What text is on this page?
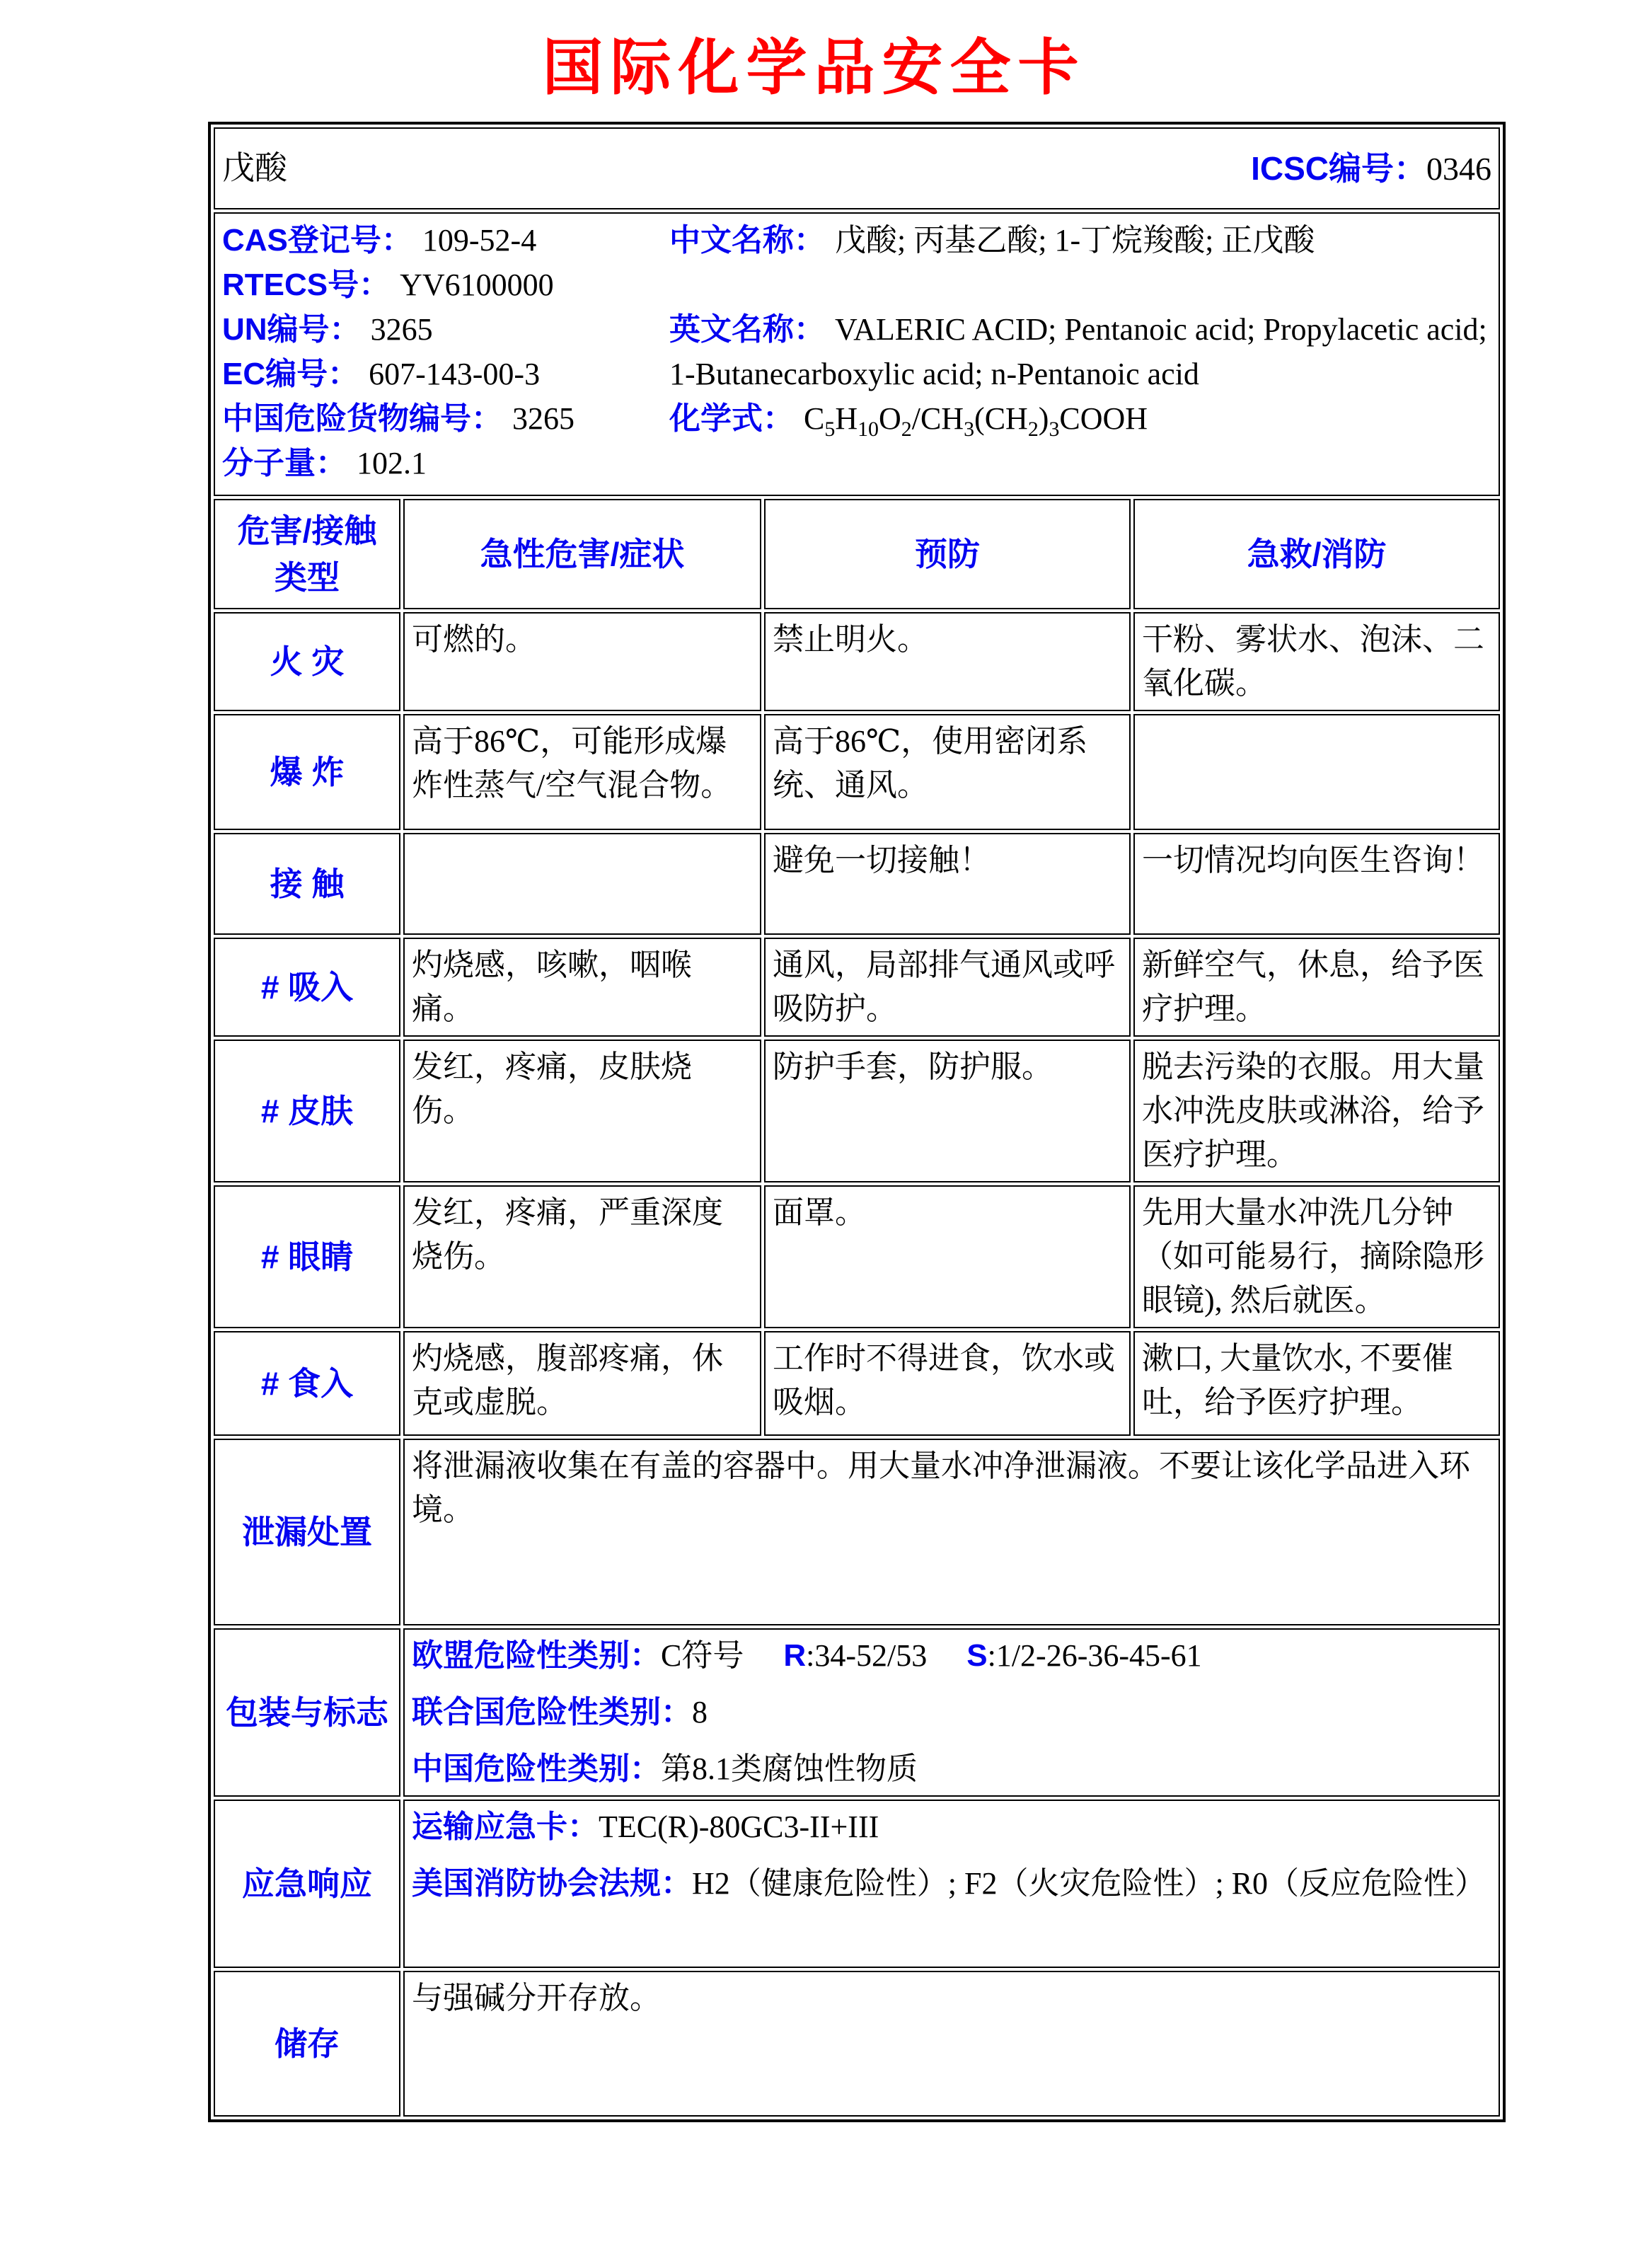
国际化学品安全卡
戊酸 ICSC编号：0346			

CAS登记号： 109-52-4
RTECS号： YV6100000
UN编号： 3265
EC编号： 607-143-00-3
中国危险货物编号： 3265
分子量： 102.1

中文名称： 戊酸; 丙基乙酸; 1-丁烷羧酸; 正戊酸

英文名称： VALERIC ACID; Pentanoic acid; Propylacetic acid; 1-Butanecarboxylic acid; n-Pentanoic acid

化学式： $C_5H_{10}O_2/CH_3(CH_2)_3COOH$

危害/接触
类型	急性危害/症状	预防	急救/消防
火 灾	可燃的。	禁止明火。	干粉、雾状水、泡沫、二氧化碳。
爆 炸	高于86℃，可能形成爆炸性蒸气/空气混合物。	高于86℃，使用密闭系统、通风。	
接 触		避免一切接触！	一切情况均向医生咨询！
# 吸入	灼烧感，咳嗽，咽喉痛。	通风，局部排气通风或呼吸防护。	新鲜空气，休息，给予医疗护理。
# 皮肤	发红，疼痛，皮肤烧伤。	防护手套，防护服。	脱去污染的衣服。用大量水冲洗皮肤或淋浴，给予医疗护理。
# 眼睛	发红，疼痛，严重深度烧伤。	面罩。	先用大量水冲洗几分钟（如可能易行，摘除隐形眼镜), 然后就医。
# 食入	灼烧感，腹部疼痛，休克或虚脱。	工作时不得进食，饮水或吸烟。	漱口, 大量饮水, 不要催吐，给予医疗护理。
泄漏处置	将泄漏液收集在有盖的容器中。用大量水冲净泄漏液。不要让该化学品进入环境。		
包装与标志	欧盟危险性类别：C符号 R:34-52/53 S:1/2-26-36-45-61
联合国危险性类别：8
中国危险性类别：第8.1类腐蚀性物质		

应急响应	运输应急卡：TEC(R)-80GC3-II+III
美国消防协会法规：H2（健康危险性）; F2（火灾危险性）; R0（反应危险性）		

储存	与强碱分开存放。		
